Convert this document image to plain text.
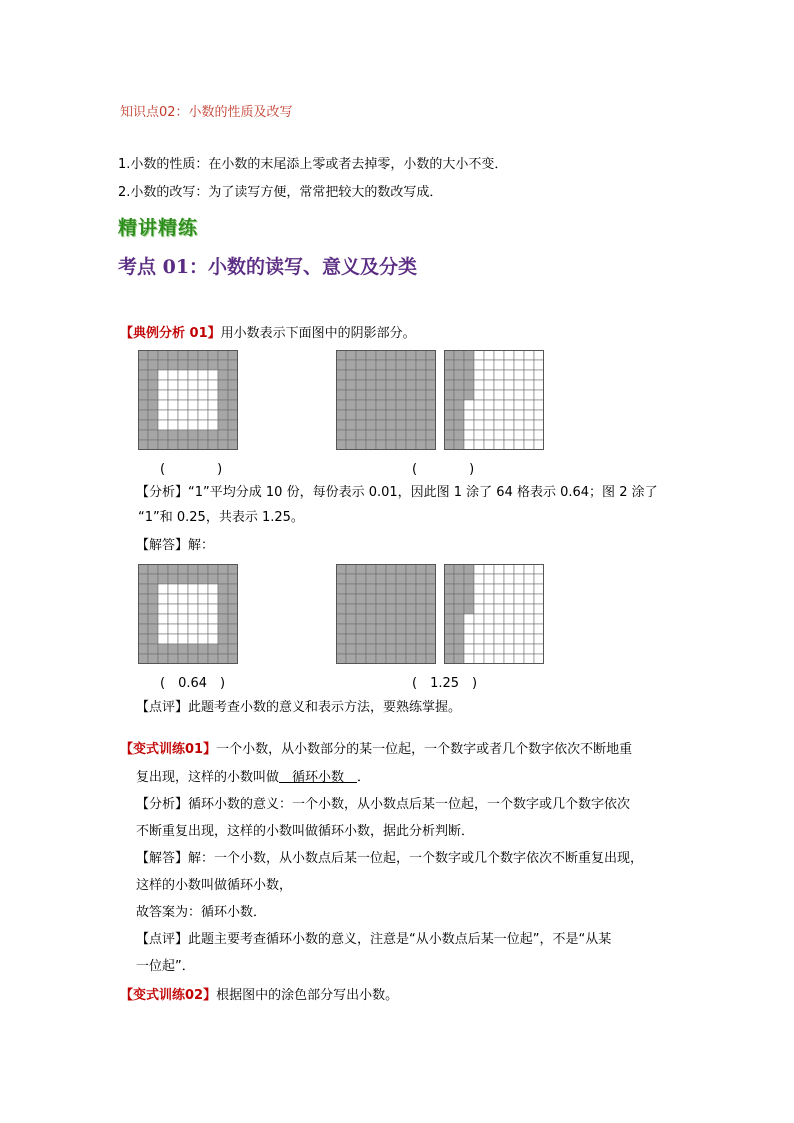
知识点02：小数的性质及改写
1.小数的性质：在小数的末尾添上零或者去掉零，小数的大小不变．
2.小数的改写：为了读写方便，常常把较大的数改写成．
精讲精练
考点 01：小数的读写、意义及分类
【典例分析 01】用小数表示下面图中的阴影部分。
(　　　　)	(　　　　)
【分析】“1”平均分成 10 份，每份表示 0.01，因此图 1 涂了 64 格表示 0.64；图 2 涂了
“1”和 0.25，共表示 1.25。
【解答】解：
(　0.64　)	(　1.25　)
【点评】此题考查小数的意义和表示方法，要熟练掌握。
【变式训练01】一个小数，从小数部分的某一位起，一个数字或者几个数字依次不断地重
复出现，这样的小数叫做　循环小数　．
【分析】循环小数的意义：一个小数，从小数点后某一位起，一个数字或几个数字依次
不断重复出现，这样的小数叫做循环小数，据此分析判断．
【解答】解：一个小数，从小数点后某一位起，一个数字或几个数字依次不断重复出现，
这样的小数叫做循环小数，
故答案为：循环小数．
【点评】此题主要考查循环小数的意义，注意是“从小数点后某一位起”，不是“从某
一位起”．
【变式训练02】根据图中的涂色部分写出小数。
